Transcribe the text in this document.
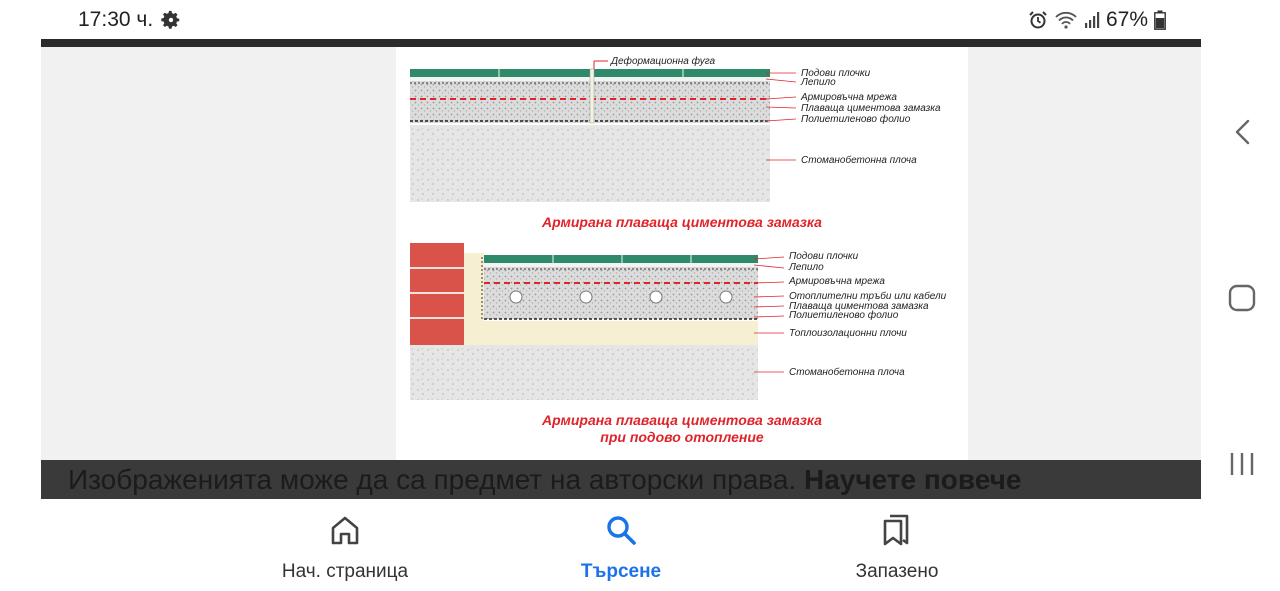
17:30 ч.	67%
Деформационна фуга
Подови плочки
Лепило
Армировъчна мрежа
Плаваща циментова замазка
Полиетиленово фолио
Стоманобетонна плоча
Армирана плаваща циментова замазка
Подови плочки
Лепило
Армировъчна мрежа
Отоплителни тръби или кабели
Плаваща циментова замазка
Полиетиленово фолио
Топлоизолационни плочи
Стоманобетонна плоча
Армирана плаваща циментова замазка
при подово отопление
Изображенията може да са предмет на авторски права. Научете повече
Нач. страница	Търсене	Запазено
